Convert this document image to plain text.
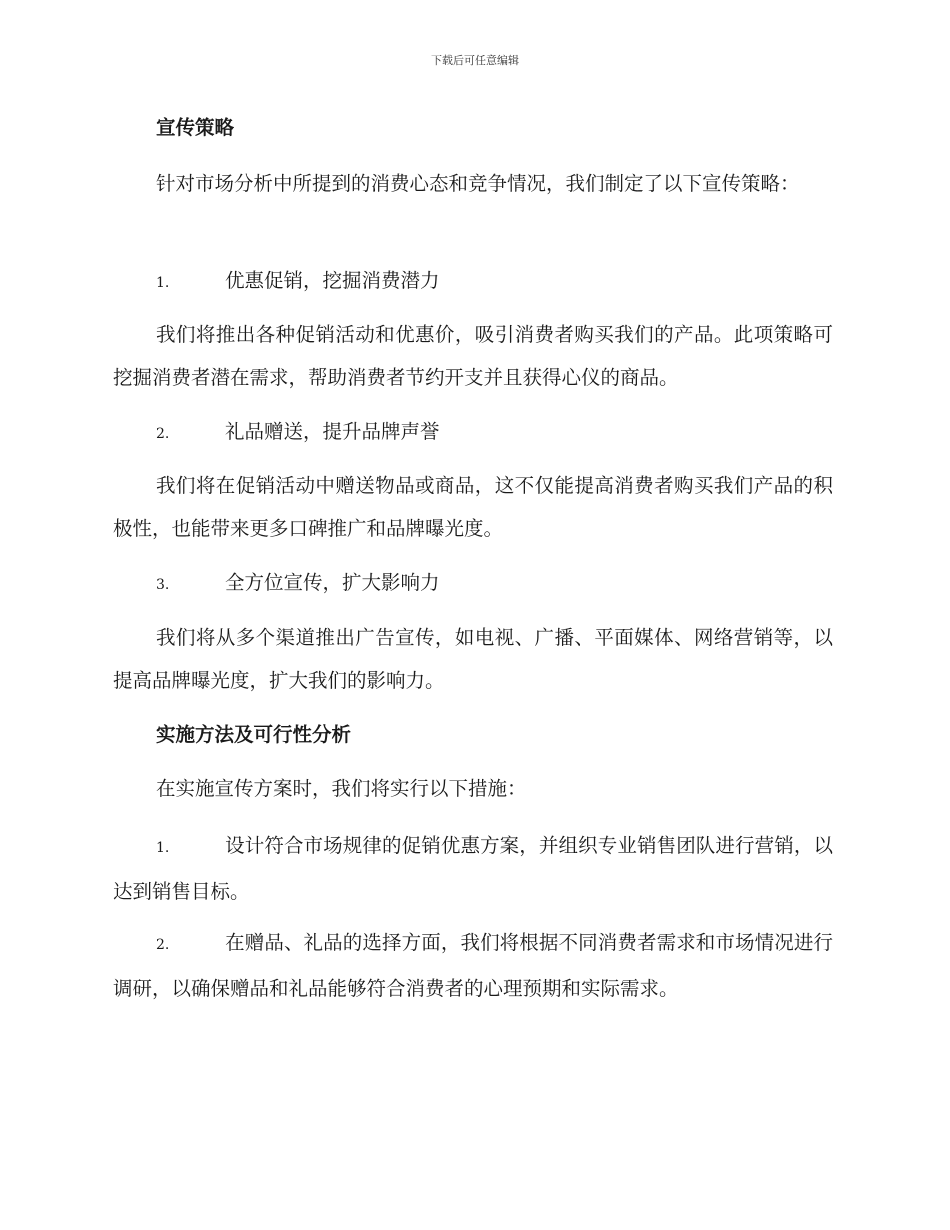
下载后可任意编辑
宣传策略
针对市场分析中所提到的消费心态和竞争情况，我们制定了以下宣传策略：
1.	优惠促销，挖掘消费潜力
我们将推出各种促销活动和优惠价，吸引消费者购买我们的产品。此项策略可挖掘消费者潜在需求，帮助消费者节约开支并且获得心仪的商品。
2.	礼品赠送，提升品牌声誉
我们将在促销活动中赠送物品或商品，这不仅能提高消费者购买我们产品的积极性，也能带来更多口碑推广和品牌曝光度。
3.	全方位宣传，扩大影响力
我们将从多个渠道推出广告宣传，如电视、广播、平面媒体、网络营销等，以提高品牌曝光度，扩大我们的影响力。
实施方法及可行性分析
在实施宣传方案时，我们将实行以下措施：
1.	设计符合市场规律的促销优惠方案，并组织专业销售团队进行营销，以达到销售目标。
2.	在赠品、礼品的选择方面，我们将根据不同消费者需求和市场情况进行调研，以确保赠品和礼品能够符合消费者的心理预期和实际需求。
